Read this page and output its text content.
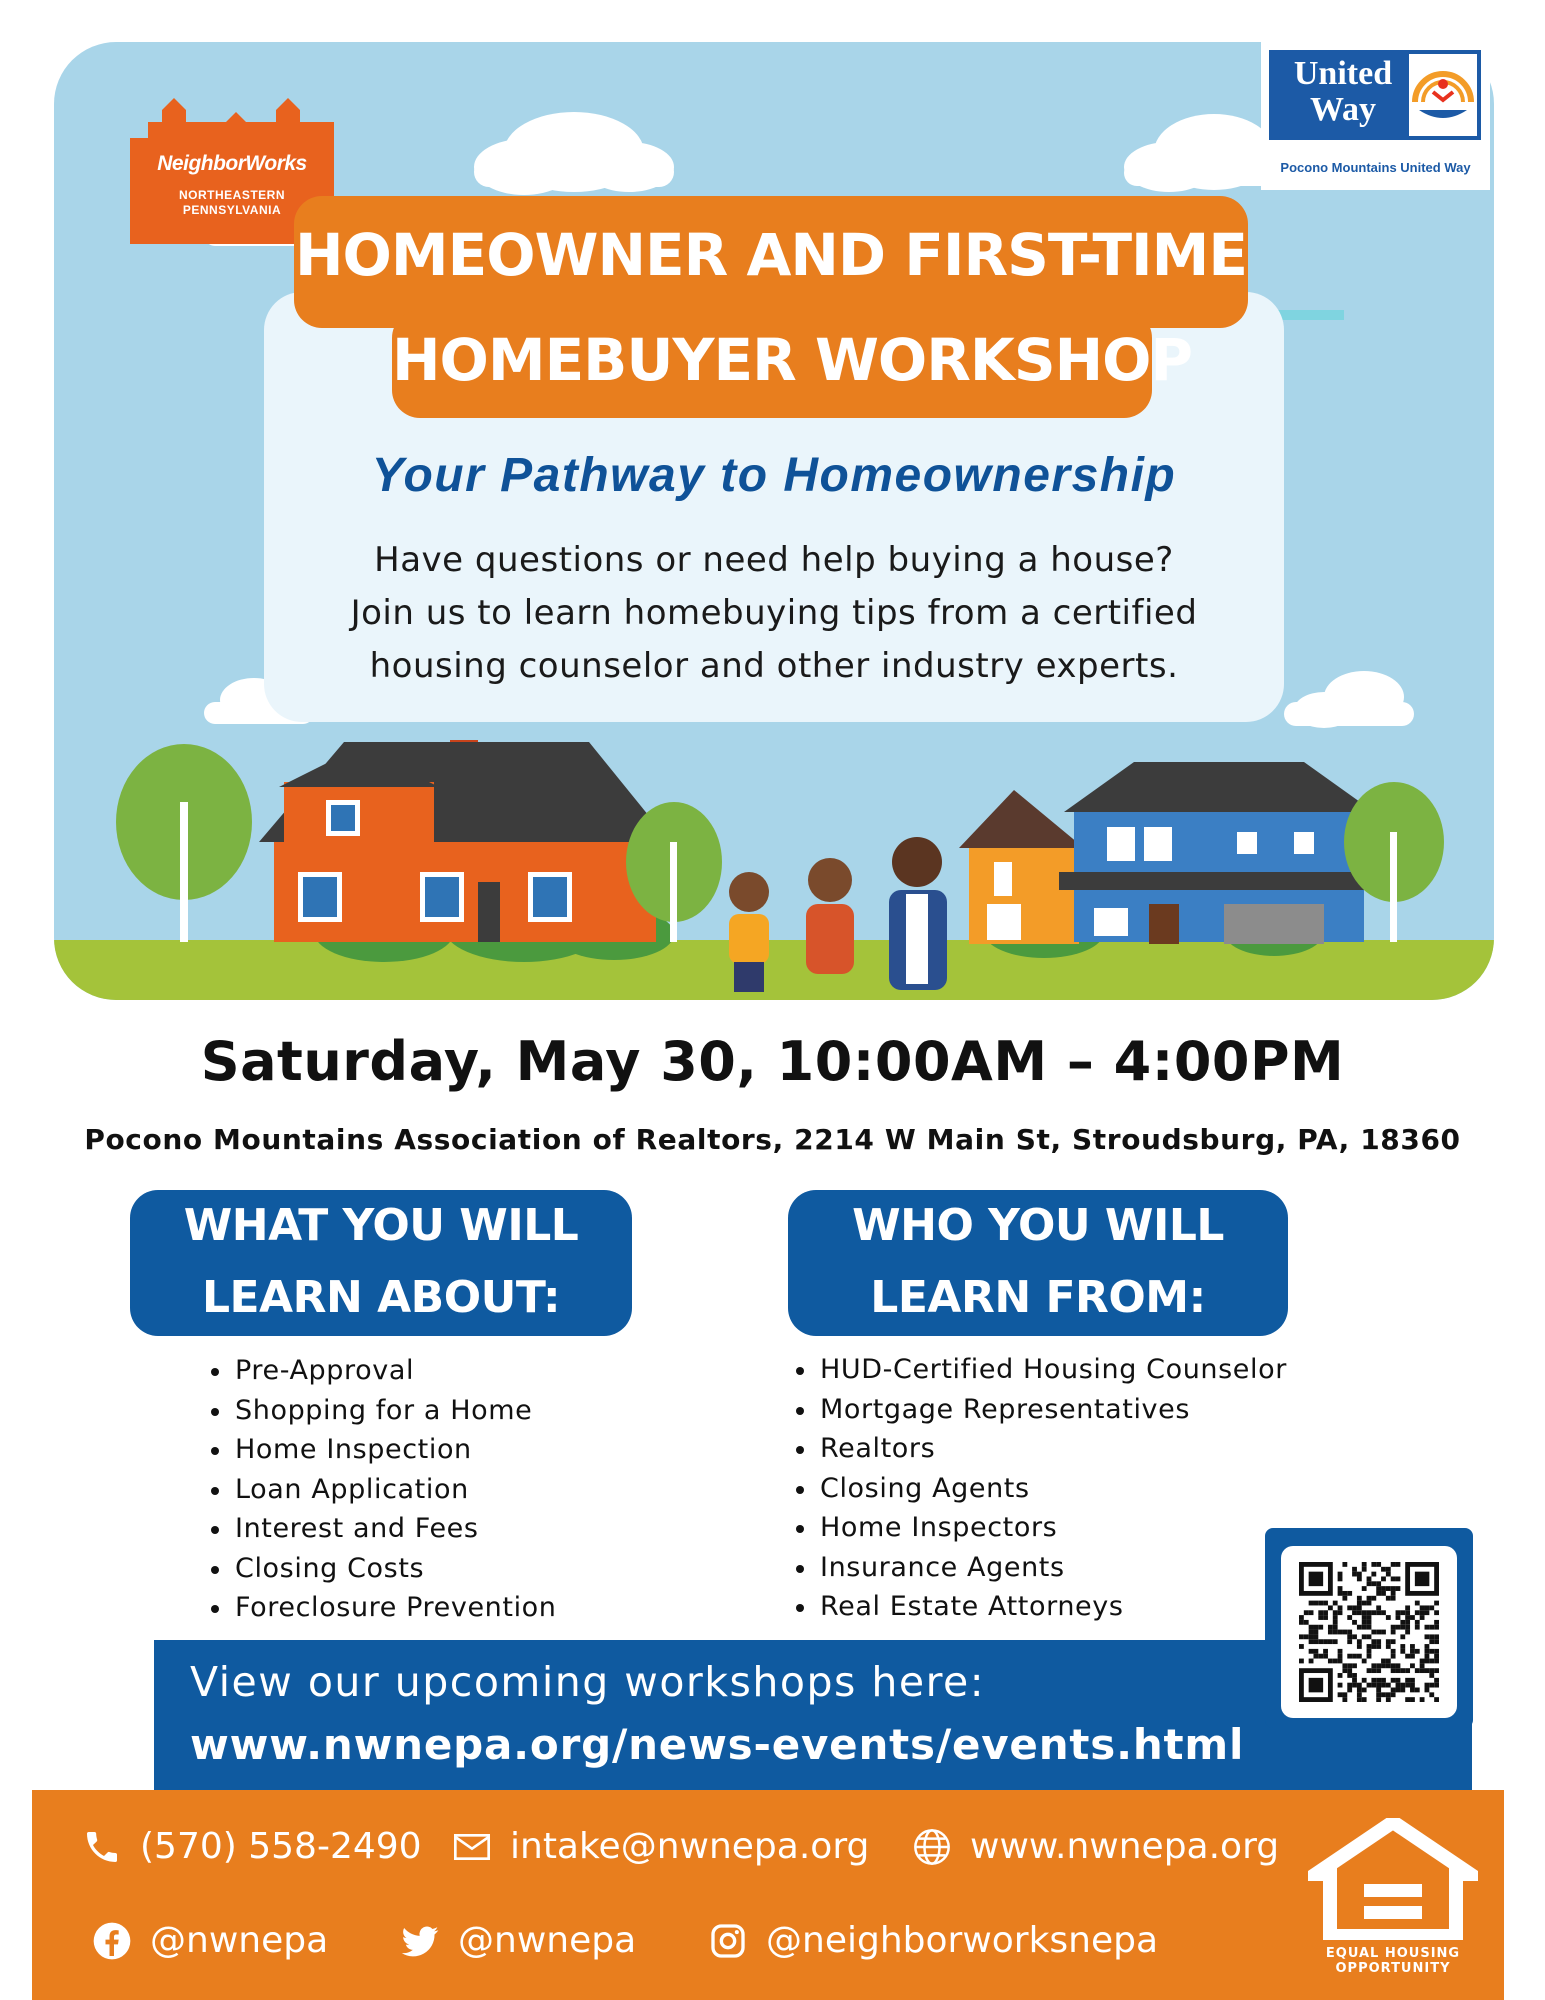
NeighborWorks
NORTHEASTERN
PENNSYLVANIA
United
Way
Pocono Mountains United Way
HOMEOWNER AND FIRST-TIME
HOMEBUYER WORKSHOP
Your Pathway to Homeownership
Have questions or need help buying a house?
Join us to learn homebuying tips from a certified
housing counselor and other industry experts.
Saturday, May 30, 10:00AM – 4:00PM
Pocono Mountains Association of Realtors, 2214 W Main St, Stroudsburg, PA, 18360
WHAT YOU WILL
LEARN ABOUT:
WHO YOU WILL
LEARN FROM:
Pre-Approval
Shopping for a Home
Home Inspection
Loan Application
Interest and Fees
Closing Costs
Foreclosure Prevention
HUD-Certified Housing Counselor
Mortgage Representatives
Realtors
Closing Agents
Home Inspectors
Insurance Agents
Real Estate Attorneys
View our upcoming workshops here:
www.nwnepa.org/news-events/events.html
(570) 558-2490 intake@nwnepa.org	www.nwnepa.org
@nwnepa	@nwnepa	@neighborworksnepa	EQUAL HOUSING
OPPORTUNITY
